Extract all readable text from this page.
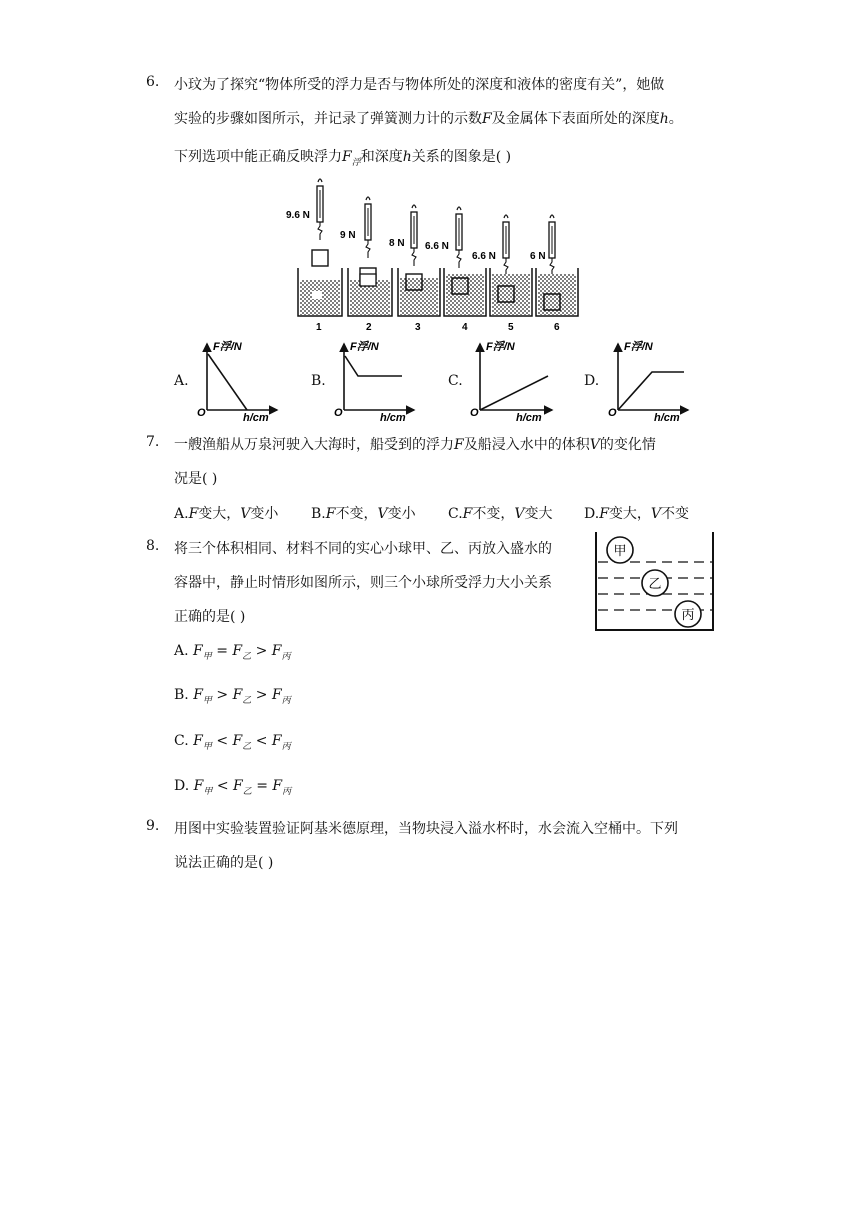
6. 小玟为了探究“物体所受的浮力是否与物体所处的深度和液体的密度有关”，她做
实验的步骤如图所示，并记录了弹簧测力计的示数F及金属体下表面所处的深度h。
下列选项中能正确反映浮力$F_浮$和深度h关系的图象是( )
9.6 N
9 N
8 N 6.6 N
6.6 N	6 N
1	2	3	4	5	6
A.
F浮/N
O	h/cm
B.
F浮/N
O	h/cm
C.
F浮/N
O	h/cm
D.
F浮/N
O	h/cm
7. 一艘渔船从万泉河驶入大海时，船受到的浮力F及船浸入水中的体积V的变化情
况是( )
A.F变大，V变小 B.F不变，V变小 C.F不变，V变大 D.F变大，V不变
8. 将三个体积相同、材料不同的实心小球甲、乙、丙放入盛水的
容器中，静止时情形如图所示，则三个小球所受浮力大小关系
正确的是( )
甲
乙
丙
A. $F_甲 = F_乙 > F_丙$
B. $F_甲 > F_乙 > F_丙$
C. $F_甲 < F_乙 < F_丙$
D. $F_甲 < F_乙 = F_丙$
9. 用图中实验装置验证阿基米德原理，当物块浸入溢水杯时，水会流入空桶中。下列
说法正确的是( )
